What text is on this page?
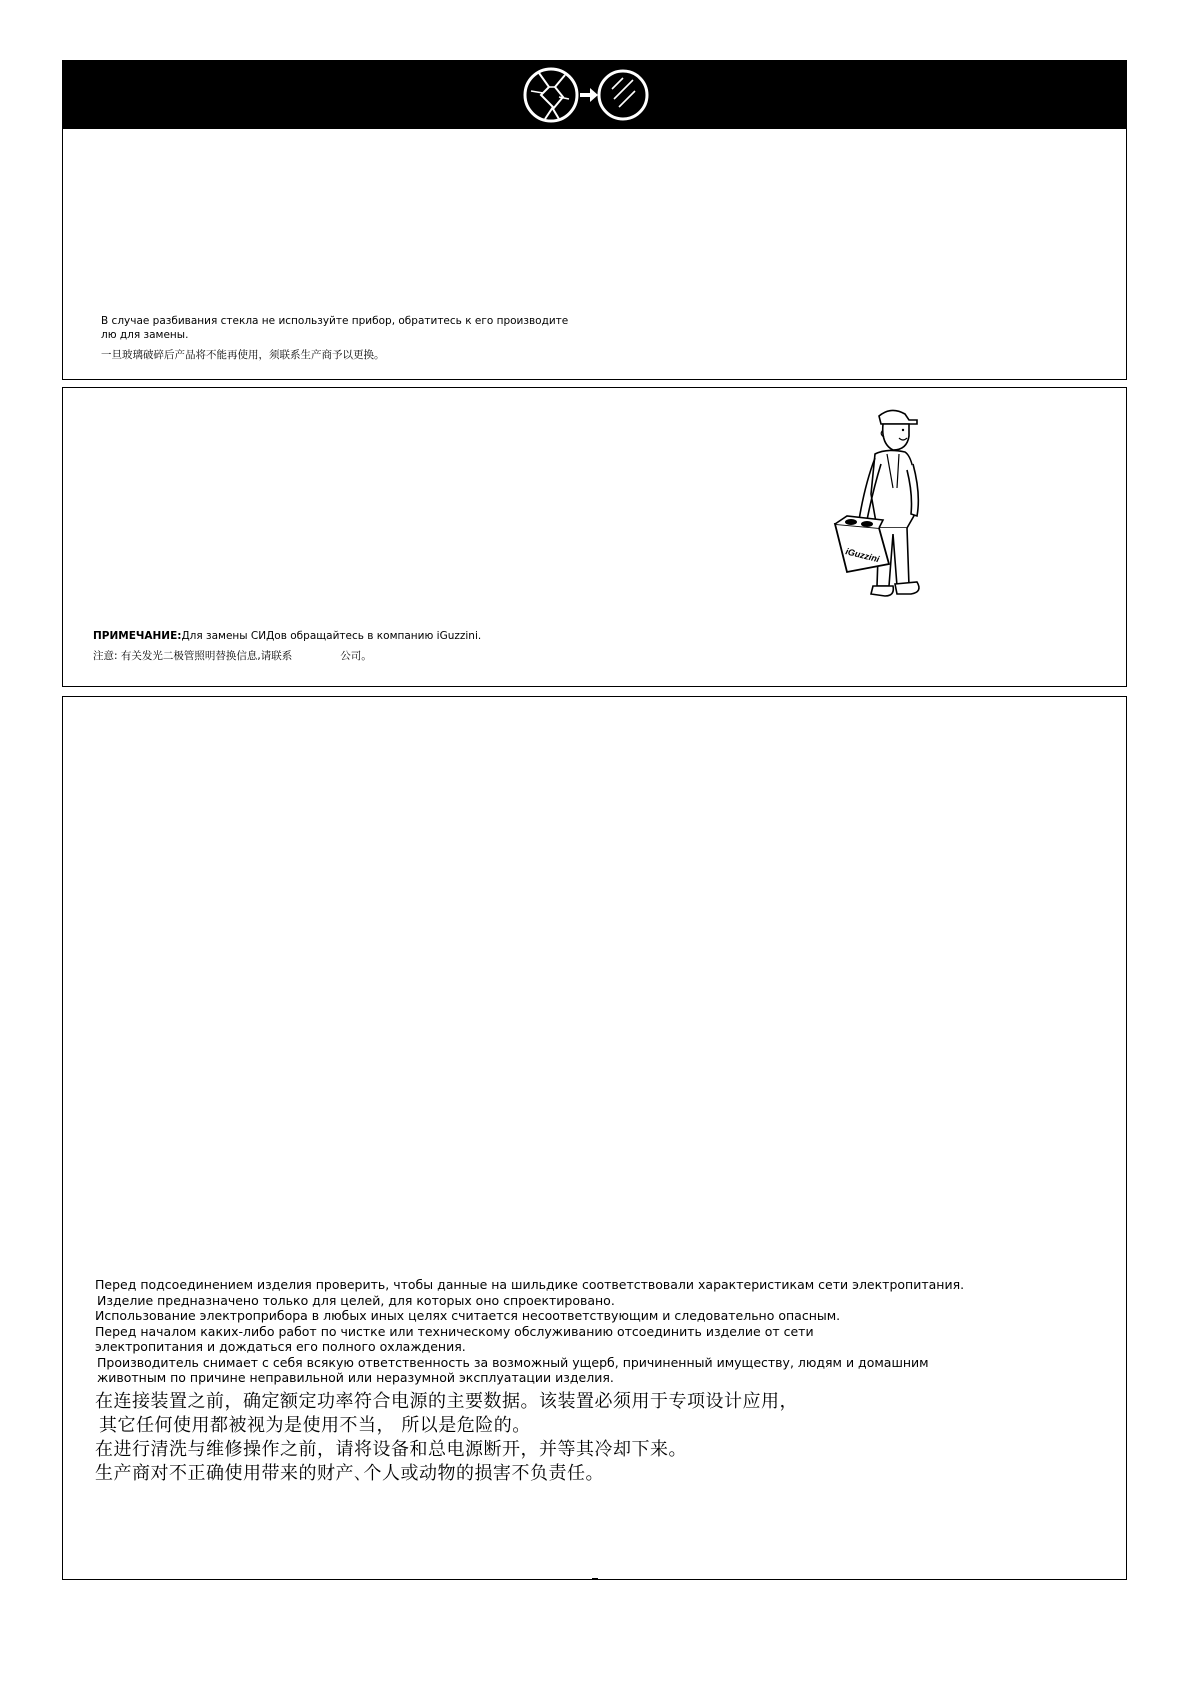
В случае разбивания стекла не используйте прибор, обратитесь к его производите
лю для замены.
一旦玻璃破碎后产品将不能再使用，须联系生产商予以更换。
iGuzzini
ПРИМЕЧАНИЕ:Для замены СИДов обращайтесь в компанию iGuzzini.
注意: 有关发光二极管照明替换信息,请联系	公司。
Перед подсоединением изделия проверить, чтобы данные на шильдике соответствовали характеристикам сети электропитания.
Изделие предназначено только для целей, для которых оно спроектировано.
Использование электроприбора в любых иных целях считается несоответствующим и следовательно опасным.
Перед началом каких-либо работ по чистке или техническому обслуживанию отсоединить изделие от сети
электропитания и дождаться его полного охлаждения.
Производитель снимает с себя всякую ответственность за возможный ущерб, причиненный имуществу, людям и домашним
животным по причине неправильной или неразумной эксплуатации изделия.
在连接装置之前，确定额定功率符合电源的主要数据。该装置必须用于专项设计应用，
其它任何使用都被视为是使用不当， 所以是危险的。
在进行清洗与维修操作之前，请将设备和总电源断开，并等其冷却下来。
生产商对不正确使用带来的财产､个人或动物的损害不负责任。
